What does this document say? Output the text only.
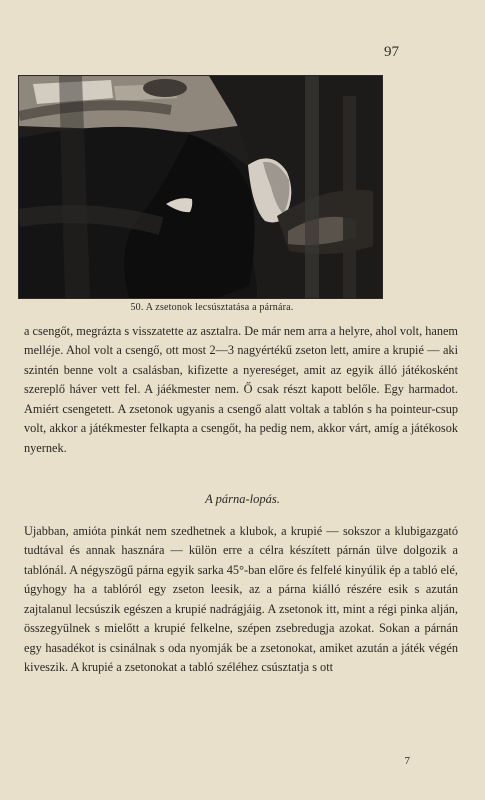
97
50. A zsetonok lecsúsztatása a párnára.

a csengőt, megrázta s visszatette az asztalra. De már nem arra a helyre, ahol volt, hanem melléje. Ahol volt a csengő, ott most 2—3 nagyértékű zseton lett, amire a krupié — aki szintén benne volt a csalásban, kifizette a nyereséget, amit az egyik álló játékosként szereplő háver vett fel. A jáékmester nem. Ő csak részt kapott belőle. Egy harmadot. Amiért csengetett. A zsetonok ugyanis a csengő alatt voltak a tablón s ha pointeur-csup volt, akkor a játékmester felkapta a csengőt, ha pedig nem, akkor várt, amíg a játékosok nyernek.

A párna-lopás.

Ujabban, amióta pinkát nem szedhetnek a klubok, a krupié — sokszor a klubigazgató tudtával és annak hasznára — külön erre a célra készített párnán ülve dolgozik a tablónál. A négyszögű párna egyik sarka 45°-ban előre és felfelé kinyúlik ép a tabló elé, úgyhogy ha a tablóról egy zseton leesik, az a párna kiálló részére esik s azután zajtalanul lecsúszik egészen a krupié nadrágjáig. A zsetonok itt, mint a régi pinka alján, összegyülnek s mielőtt a krupié felkelne, szépen zsebredugja azokat. Sokan a párnán egy hasadékot is csinálnak s oda nyomják be a zsetonokat, amiket azután a játék végén kiveszik. A krupié a zsetonokat a tabló széléhez csúsztatja s ott

7
